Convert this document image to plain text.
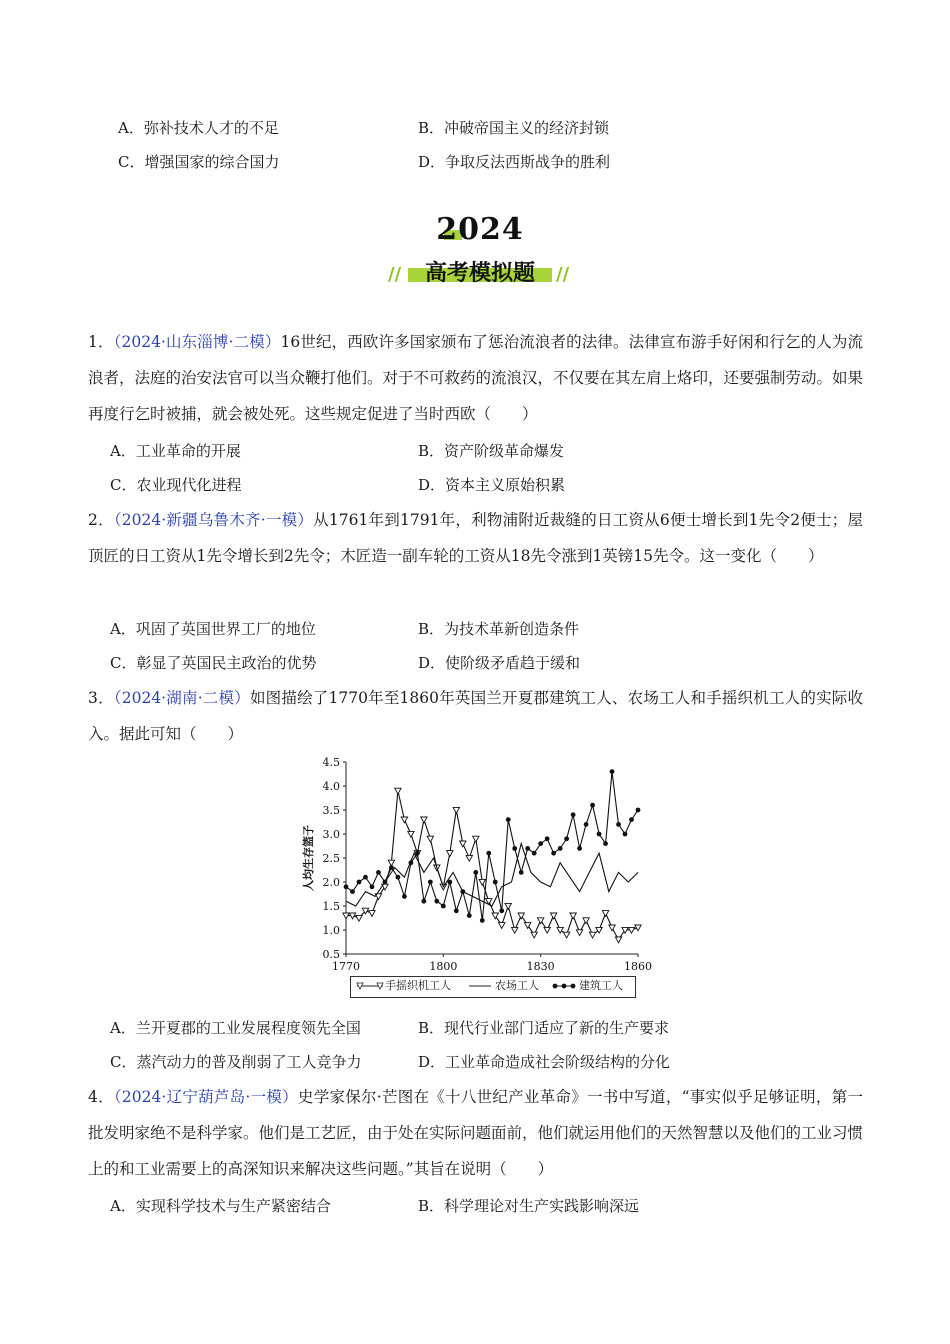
A．弥补技术人才的不足	B．冲破帝国主义的经济封锁
C．增强国家的综合国力	D．争取反法西斯战争的胜利
2024
//	高考模拟题	//
1．（2024·山东淄博·二模）16世纪，西欧许多国家颁布了惩治流浪者的法律。法律宣布游手好闲和行乞的人为流浪者，法庭的治安法官可以当众鞭打他们。对于不可救药的流浪汉，不仅要在其左肩上烙印，还要强制劳动。如果再度行乞时被捕，就会被处死。这些规定促进了当时西欧（　　）
A．工业革命的开展	B．资产阶级革命爆发
C．农业现代化进程	D．资本主义原始积累
2．（2024·新疆乌鲁木齐·一模）从1761年到1791年，利物浦附近裁缝的日工资从6便士增长到1先令2便士；屋顶匠的日工资从1先令增长到2先令；木匠造一副车轮的工资从18先令涨到1英镑15先令。这一变化（　　）
A．巩固了英国世界工厂的地位	B．为技术革新创造条件
C．彰显了英国民主政治的优势	D．使阶级矛盾趋于缓和
3．（2024·湖南·二模）如图描绘了1770年至1860年英国兰开夏郡建筑工人、农场工人和手摇织机工人的实际收入。据此可知（　　）
0.5
1.0
1.5
2.0
2.5
3.0
3.5
4.0
4.5
1770	1800	1830	1860
人均生存篮子
手摇织机工人	农场工人	建筑工人
A．兰开夏郡的工业发展程度领先全国	B．现代行业部门适应了新的生产要求
C．蒸汽动力的普及削弱了工人竞争力	D．工业革命造成社会阶级结构的分化
4．（2024·辽宁葫芦岛·一模）史学家保尔·芒图在《十八世纪产业革命》一书中写道，“事实似乎足够证明，第一批发明家绝不是科学家。他们是工艺匠，由于处在实际问题面前，他们就运用他们的天然智慧以及他们的工业习惯上的和工业需要上的高深知识来解决这些问题。”其旨在说明（　　）
A．实现科学技术与生产紧密结合	B．科学理论对生产实践影响深远
